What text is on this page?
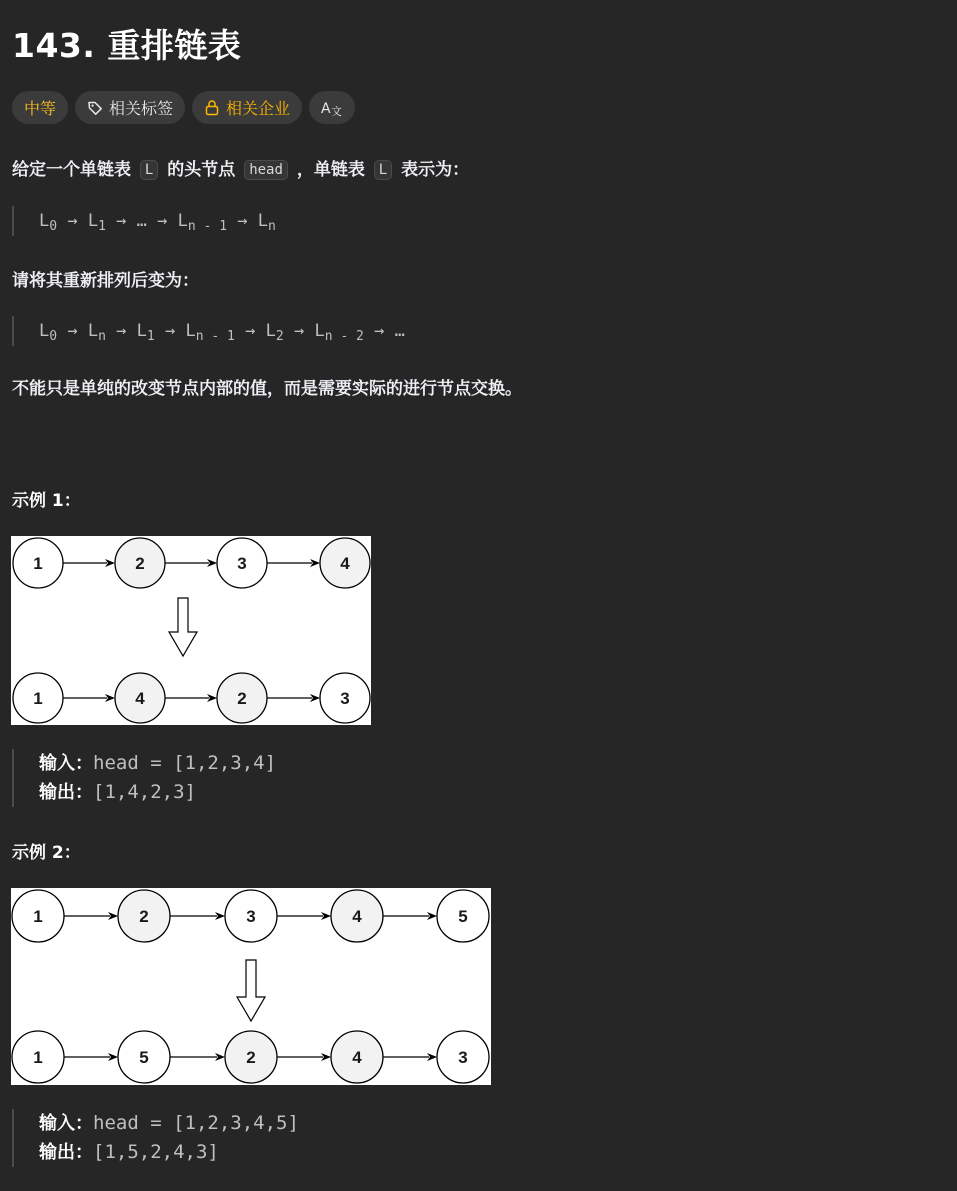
143. 重排链表
中等	相关标签	相关企业 A 文
给定一个单链表 L 的头节点 head ，单链表 L 表示为：
$L_0 \to L_1$ → … → $L_{n - 1} \to L_n$
请将其重新排列后变为：
$L_0 \to L_n \to L_1 \to L_{n - 1} \to L_2 \to L_{n - 2}$ → …
不能只是单纯的改变节点内部的值，而是需要实际的进行节点交换。
示例 1：
1	2	3	4
1	4	2	3
输入：head = [1,2,3,4]
输出：[1,4,2,3]
示例 2：
1	2	3	4	5
1	5	2	4	3
输入：head = [1,2,3,4,5]
输出：[1,5,2,4,3]
